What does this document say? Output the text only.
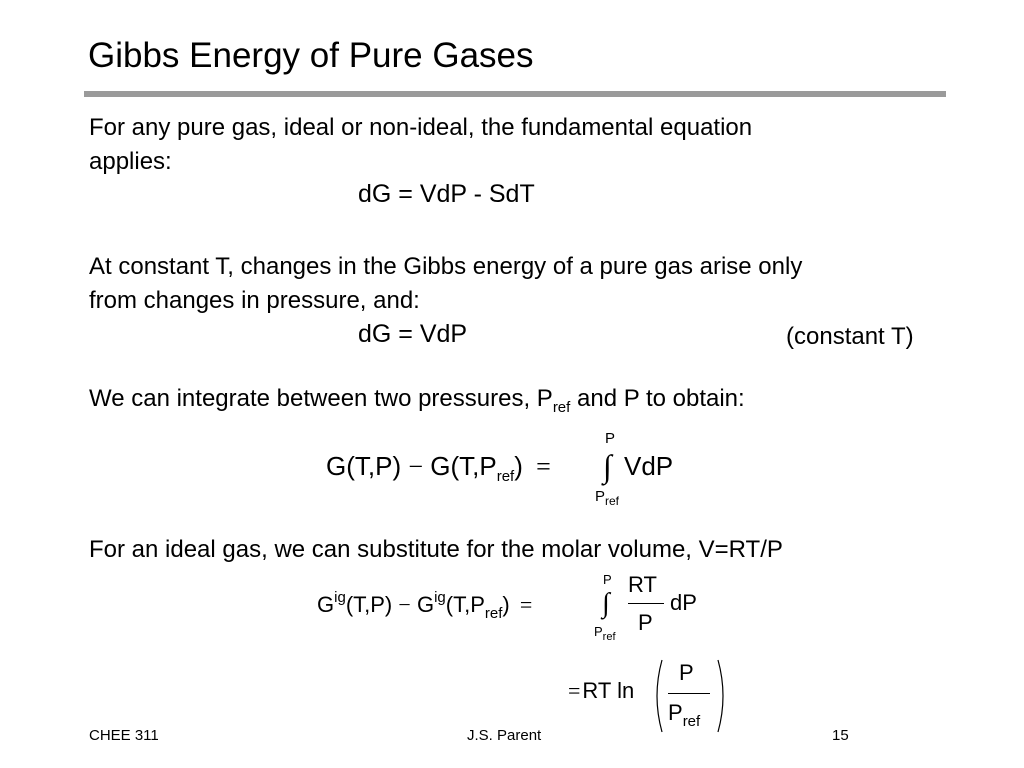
Gibbs Energy of Pure Gases
For any pure gas, ideal or non-ideal, the fundamental equation
applies:
dG = VdP - SdT
At constant T, changes in the Gibbs energy of a pure gas arise only
from changes in pressure, and:
dG = VdP	(constant T)
We can integrate between two pressures, $P_{ref}$ and P to obtain:
$G(T,P) - G(T,P_{ref})$ =
P
∫
$P_{ref}$
VdP
For an ideal gas, we can substitute for the molar volume, V=RT/P
$G^{ig}(T,P) - G^{ig}(T,P_{ref})$ =
P
∫
$P_{ref}$
RT
P
dP
=RT ln
P
$P_{ref}$
CHEE 311	J.S. Parent	15
